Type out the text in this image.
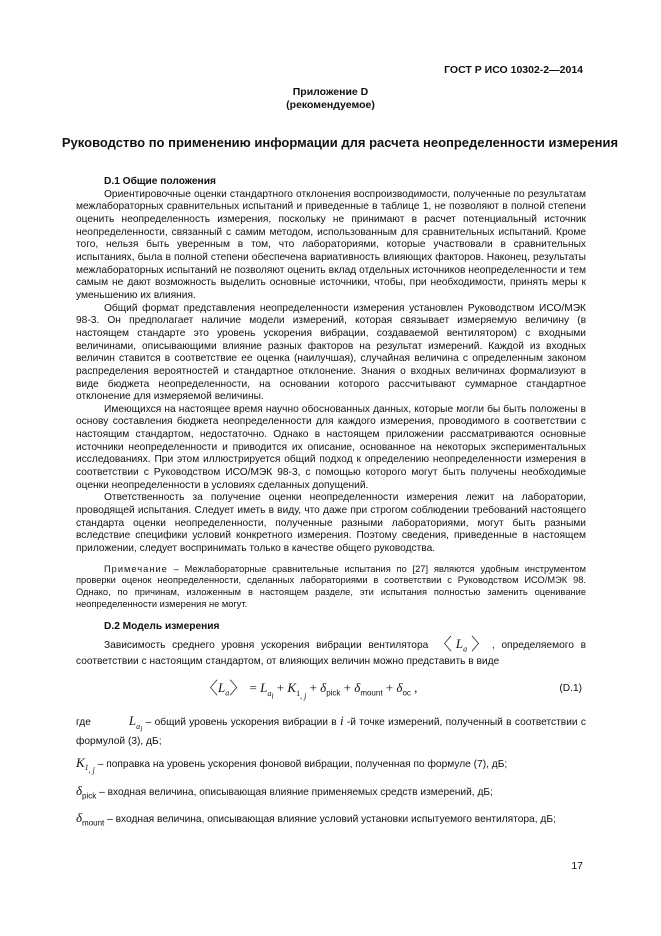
ГОСТ Р ИСО 10302-2—2014
Приложение D
(рекомендуемое)
Руководство по применению информации для расчета неопределенности измерения

D.1 Общие положения

Ориентировочные оценки стандартного отклонения воспроизводимости, полученные по результатам межлабораторных сравнительных испытаний и приведенные в таблице 1, не позволяют в полной степени оценить неопределенность измерения, поскольку не принимают в расчет потенциальный источник неопределенности, связанный с самим методом, использованным для сравнительных испытаний. Кроме того, нельзя быть уверенным в том, что лабораториями, которые участвовали в сравнительных испытаниях, была в полной степени обеспечена вариативность влияющих факторов. Наконец, результаты межлабораторных испытаний не позволяют оценить вклад отдельных источников неопределенности и тем самым не дают возможность выделить основные источники, чтобы, при необходимости, принять меры к уменьшению их влияния.

Общий формат представления неопределенности измерения установлен Руководством ИСО/МЭК 98-3. Он предполагает наличие модели измерений, которая связывает измеряемую величину (в настоящем стандарте это уровень ускорения вибрации, создаваемой вентилятором) с входными величинами, описывающими влияние разных факторов на результат измерений. Каждой из входных величин ставится в соответствие ее оценка (наилучшая), случайная величина с определенным законом распределения вероятностей и стандартное отклонение. Знания о входных величинах формализуют в виде бюджета неопределенности, на основании которого рассчитывают суммарное стандартное отклонение для измеряемой величины.

Имеющихся на настоящее время научно обоснованных данных, которые могли бы быть положены в основу составления бюджета неопределенности для каждого измерения, проводимого в соответствии с настоящим стандартом, недостаточно. Однако в настоящем приложении рассматриваются основные источники неопределенности и приводится их описание, основанное на некоторых экспериментальных исследованиях. При этом иллюстрируется общий подход к определению неопределенности измерения в соответствии с Руководством ИСО/МЭК 98-3, с помощью которого могут быть получены необходимые оценки неопределенности в условиях сделанных допущений.

Ответственность за получение оценки неопределенности измерения лежит на лаборатории, проводящей испытания. Следует иметь в виду, что даже при строгом соблюдении требований настоящего стандарта оценки неопределенности, полученные разными лабораториями, могут быть разными вследствие специфики условий конкретного измерения. Поэтому сведения, приведенные в настоящем приложении, следует воспринимать только в качестве общего руководства.

Примечание – Межлабораторные сравнительные испытания по [27] являются удобным инструментом проверки оценок неопределенности, сделанных лабораториями в соответствии с Руководством ИСО/МЭК 98. Однако, по причинам, изложенным в настоящем разделе, эти испытания полностью заменить оценивание неопределенности измерения не могут.

D.2 Модель измерения

Зависимость среднего уровня ускорения вибрации вентилятора 〈$L_a$〉, определяемого в соответствии с настоящим стандартом, от влияющих величин можно представить в виде

〈$L_a$〉 = $L_{a_i} + K_{1_{, j}} + \delta_{pick} + \delta_{mount} + \delta_{oc}$ ,	(D.1)

где	$L_{a_i}$ – общий уровень ускорения вибрации в i -й точке измерений, полученный в соответствии с формулой (3), дБ;

$K_{1_{, j}}$ – поправка на уровень ускорения фоновой вибрации, полученная по формуле (7), дБ;

$\delta_{pick}$ – входная величина, описывающая влияние применяемых средств измерений, дБ;

$\delta_{mount}$ – входная величина, описывающая влияние условий установки испытуемого вентилятора, дБ;

17
